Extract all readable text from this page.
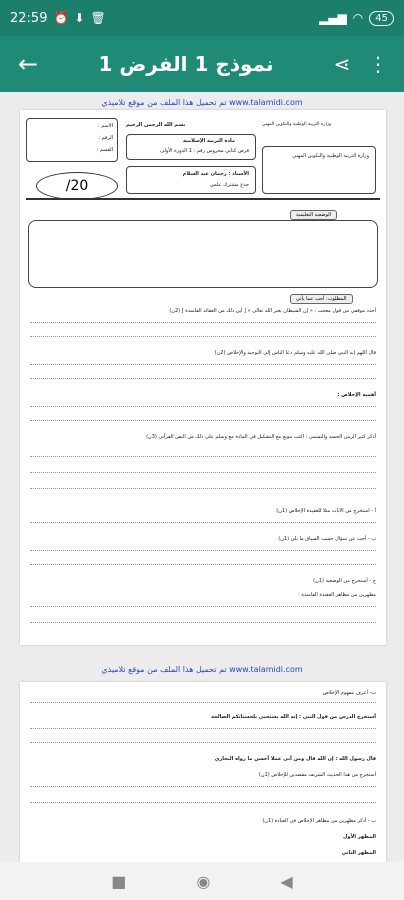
22:59 ⏰ ⬇ 🗑	▂▄▆ ◠	45
←	نموذج 1 الفرض 1	⋖ ⋮
تم تحميل هذا الملف من موقع تلاميذي www.talamidi.com
بسم الله الرحمن الرحيم
الاسم :
الرقم :
القسم :
مادة التربية الإسلامية
فرض كتابي محروس رقم : 1 الدورة الأولى
الأستاذ : رحمان عبد السلام
جذع مشترك علمي
وزارة التربية الوطنية والتكوين المهني
وزارة التربية الوطنية والتكوين المهني
/20
الوضعية التعليمية
المطلوب: أجب عما يأتي
أحدد موقفي من قول معجب : « إن الشيطان يغير الله تعالى » [ أين ذلك من العقائد الفاسدة ] (2ن)
قال اللهم إنه النبي صلى الله عليه وسلم دعا الناس إلى التوحيد والإخلاص (2ن)
أهمية الإخلاص :
أذكر كثير الزمن الحسد والتسمي : اكتب بتوبع مع التشكيل في المادة مع وسلم على ذلك من النص القرآني (3ن)
أ - استخرج من الآيات مثلا للعقيدة الإخلاص (1ن)
ب - أجب عن سؤال حسب السياق ما يلي (1ن)
ج - أستخرج من الوضعية (1ن)
مظهرين من مظاهر العقيدة الفاسدة :
تم تحميل هذا الملف من موقع تلاميذي www.talamidi.com
ب- أعرف مفهوم الإخلاص
أستخرج الدرس من قول النبي : إنه الله يستحيي بلحسناتكم الصالحة
قال رسول الله : إن الله قال ومن أتى عملا أحسن ما رواه البخاري
أستخرج من هذا الحديث الشريف مقصدين للإخلاص (1ن)
ب - أذكر مظهرين من مظاهر الإخلاص في العبادة (1ن)
المظهر الأول
المظهر الثاني
■	◉	◀
